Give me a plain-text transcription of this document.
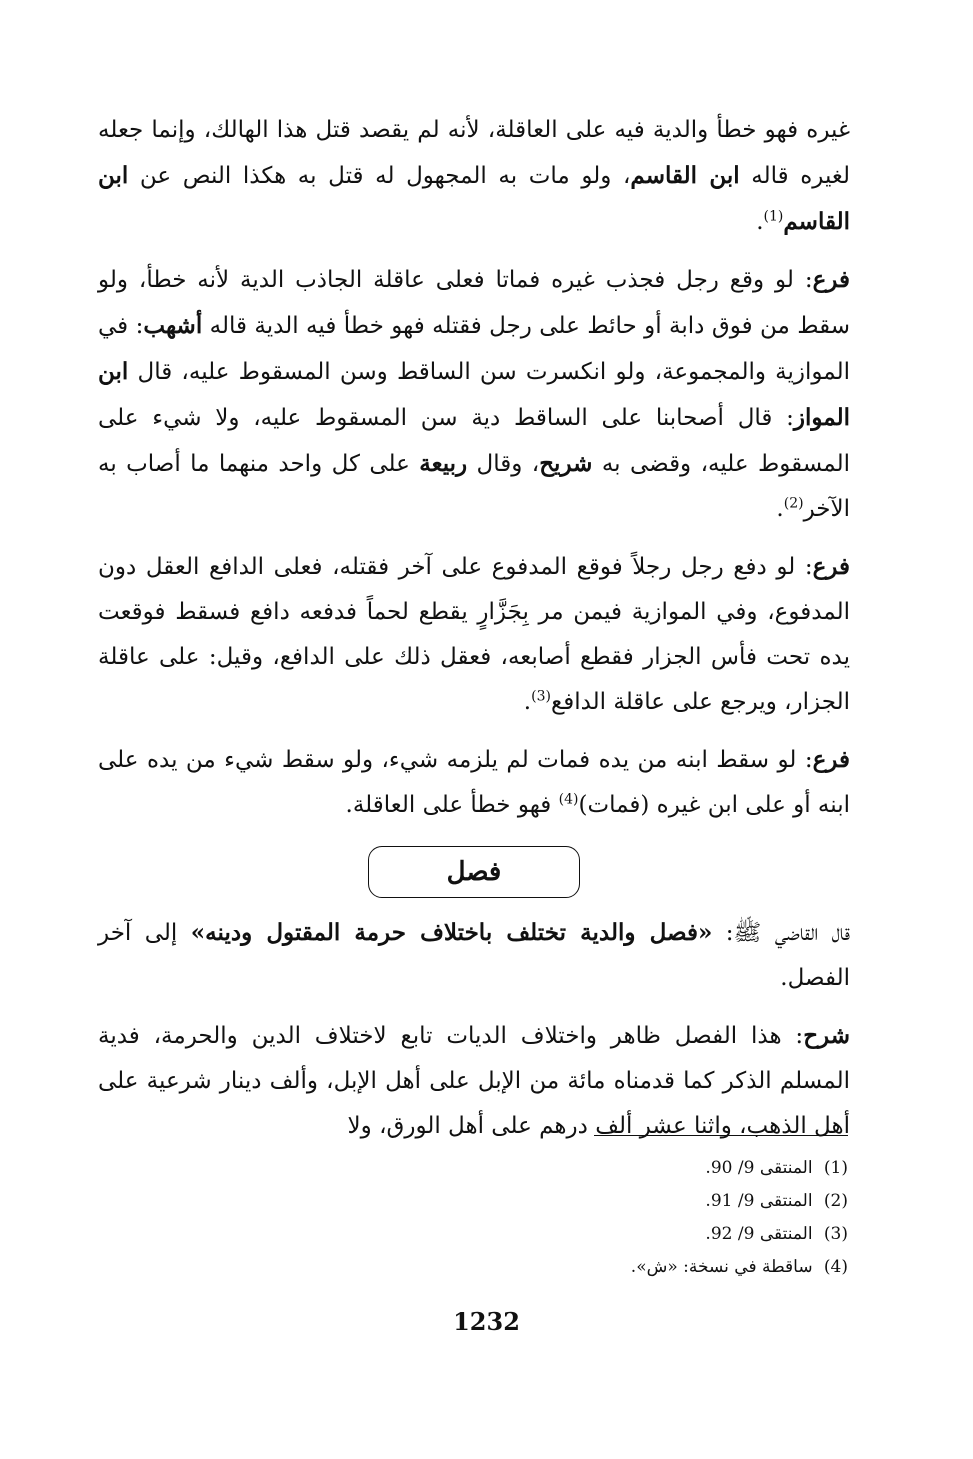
غيره فهو خطأ والدية فيه على العاقلة، لأنه لم يقصد قتل هذا الهالك، وإنما جعله لغيره قاله ابن القاسم، ولو مات به المجهول له قتل به هكذا النص عن ابن القاسم$^{(1)}$.

فرع: لو وقع رجل فجذب غيره فماتا فعلى عاقلة الجاذب الدية لأنه خطأ، ولو سقط من فوق دابة أو حائط على رجل فقتله فهو خطأ فيه الدية قاله أشهب: في الموازية والمجموعة، ولو انكسرت سن الساقط وسن المسقوط عليه، قال ابن المواز: قال أصحابنا على الساقط دية سن المسقوط عليه، ولا شيء على المسقوط عليه، وقضى به شريح، وقال ربيعة على كل واحد منهما ما أصاب به الآخر$^{(2)}$.

فرع: لو دفع رجل رجلاً فوقع المدفوع على آخر فقتله، فعلى الدافع العقل دون المدفوع، وفي الموازية فيمن مر بِجَزَّارٍ يقطع لحماً فدفعه دافع فسقط فوقعت يده تحت فأس الجزار فقطع أصابعه، فعقل ذلك على الدافع، وقيل: على عاقلة الجزار، ويرجع على عاقلة الدافع$^{(3)}$.

فرع: لو سقط ابنه من يده فمات لم يلزمه شيء، ولو سقط شيء من يده على ابنه أو على ابن غيره (فمات)$^{(4)}$ فهو خطأ على العاقلة.

فصل

قال القاضي ﷺ: «فصل والدية تختلف باختلاف حرمة المقتول ودينه» إلى آخر الفصل.

شرح: هذا الفصل ظاهر واختلاف الديات تابع لاختلاف الدين والحرمة، فدية المسلم الذكر كما قدمناه مائة من الإبل على أهل الإبل، وألف دينار شرعية على أهل الذهب، واثنا عشر ألف درهم على أهل الورق، ولا

(1) المنتقى 9/ 90.
(2) المنتقى 9/ 91.
(3) المنتقى 9/ 92.
(4) ساقطة في نسخة: «ش».
1232
